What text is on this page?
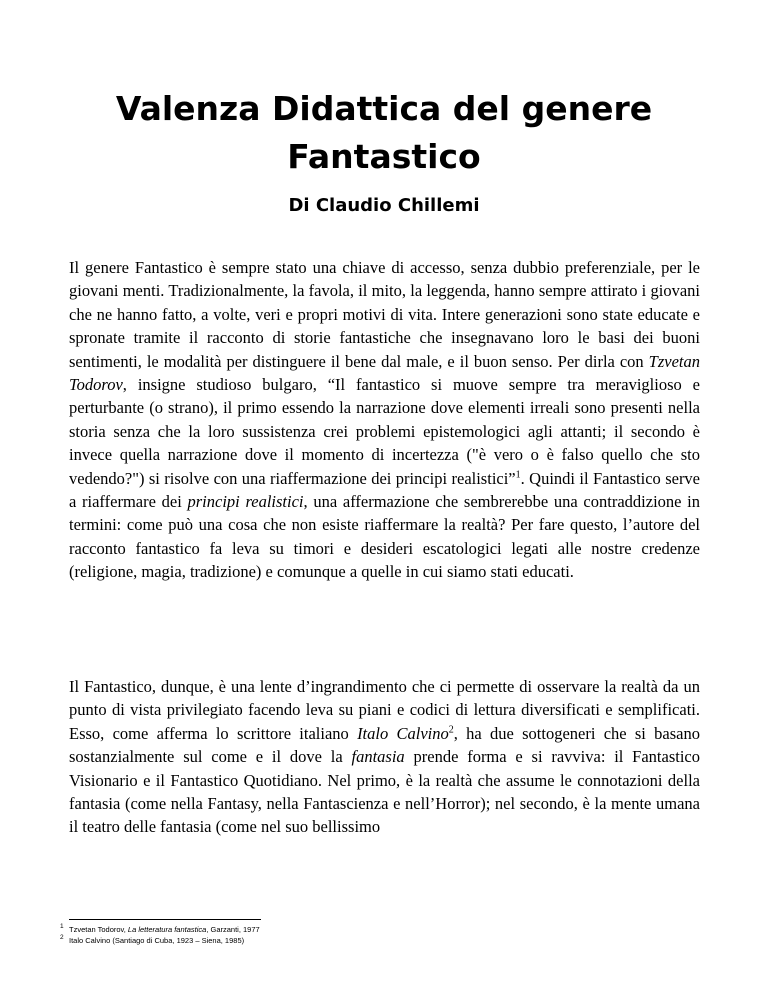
Valenza Didattica del genere Fantastico
Di Claudio Chillemi

Il genere Fantastico è sempre stato una chiave di accesso, senza dubbio preferenziale, per le giovani menti. Tradizionalmente, la favola, il mito, la leggenda, hanno sempre attirato i giovani che ne hanno fatto, a volte, veri e propri motivi di vita. Intere generazioni sono state educate e spronate tramite il racconto di storie fantastiche che insegnavano loro le basi dei buoni sentimenti, le modalità per distinguere il bene dal male, e il buon senso. Per dirla con Tzvetan Todorov, insigne studioso bulgaro, “Il fantastico si muove sempre tra meraviglioso e perturbante (o strano), il primo essendo la narrazione dove elementi irreali sono presenti nella storia senza che la loro sussistenza crei problemi epistemologici agli attanti; il secondo è invece quella narrazione dove il momento di incertezza ("è vero o è falso quello che sto vedendo?") si risolve con una riaffermazione dei principi realistici”$^1$. Quindi il Fantastico serve a riaffermare dei principi realistici, una affermazione che sembrerebbe una contraddizione in termini: come può una cosa che non esiste riaffermare la realtà? Per fare questo, l’autore del racconto fantastico fa leva su timori e desideri escatologici legati alle nostre credenze (religione, magia, tradizione) e comunque a quelle in cui siamo stati educati.

Il Fantastico, dunque, è una lente d’ingrandimento che ci permette di osservare la realtà da un punto di vista privilegiato facendo leva su piani e codici di lettura diversificati e semplificati. Esso, come afferma lo scrittore italiano Italo Calvino$^2$, ha due sottogeneri che si basano sostanzialmente sul come e il dove la fantasia prende forma e si ravviva: il Fantastico Visionario e il Fantastico Quotidiano. Nel primo, è la realtà che assume le connotazioni della fantasia (come nella Fantasy, nella Fantascienza e nell’Horror); nel secondo, è la mente umana il teatro delle fantasia (come nel suo bellissimo

1 Tzvetan Todorov, La letteratura fantastica, Garzanti, 1977
2 Italo Calvino (Santiago di Cuba, 1923 – Siena, 1985)
